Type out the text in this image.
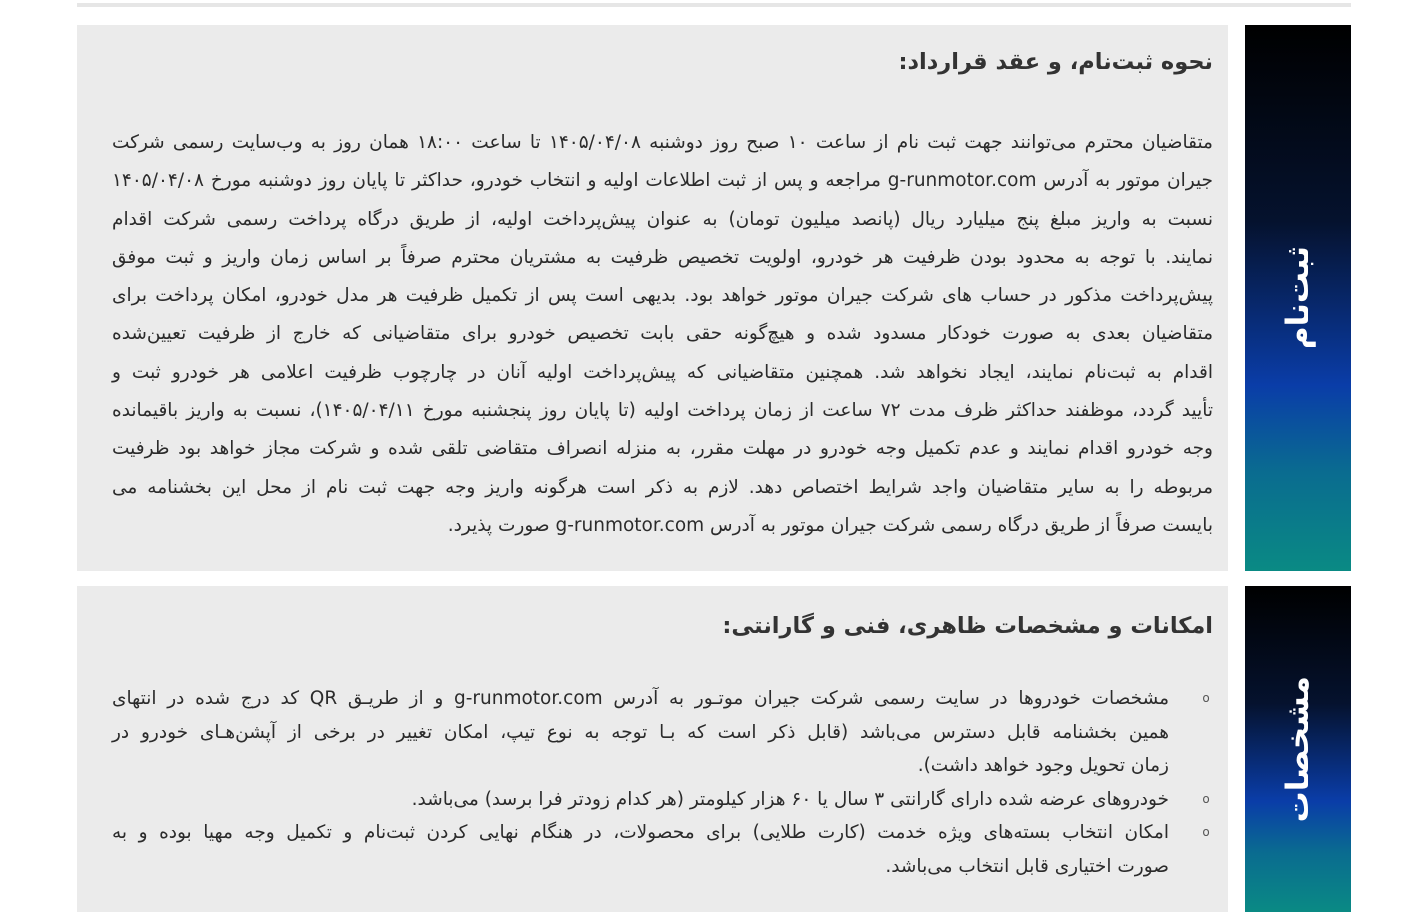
نحوه ثبت‌نام، و عقد قرارداد:

متقاضیان محترم می‌توانند جهت ثبت نام از ساعت ۱۰ صبح روز دوشنبه ۱۴۰۵/۰۴/۰۸ تا ساعت ۱۸:۰۰ همان روز به وب‌سایت رسمی شرکت
جیران موتور به آدرس g-runmotor.com مراجعه و پس از ثبت اطلاعات اولیه و انتخاب خودرو، حداکثر تا پایان روز دوشنبه مورخ ۱۴۰۵/۰۴/۰۸
نسبت به واریز مبلغ پنج میلیارد ریال (پانصد میلیون تومان) به عنوان پیش‌پرداخت اولیه، از طریق درگاه پرداخت رسمی شرکت اقدام
نمایند. با توجه به محدود بودن ظرفیت هر خودرو، اولویت تخصیص ظرفیت به مشتریان محترم صرفاً بر اساس زمان واریز و ثبت موفق
پیش‌پرداخت مذکور در حساب های شرکت جیران موتور خواهد بود. بدیهی است پس از تکمیل ظرفیت هر مدل خودرو، امکان پرداخت برای
متقاضیان بعدی به صورت خودکار مسدود شده و هیچ‌گونه حقی بابت تخصیص خودرو برای متقاضیانی که خارج از ظرفیت تعیین‌شده
اقدام به ثبت‌نام نمایند، ایجاد نخواهد شد. همچنین متقاضیانی که پیش‌پرداخت اولیه آنان در چارچوب ظرفیت اعلامی هر خودرو ثبت و
تأیید گردد، موظفند حداکثر ظرف مدت ۷۲ ساعت از زمان پرداخت اولیه (تا پایان روز پنجشنبه مورخ ۱۴۰۵/۰۴/۱۱)، نسبت به واریز باقیمانده
وجه خودرو اقدام نمایند و عدم تکمیل وجه خودرو در مهلت مقرر، به منزله انصراف متقاضی تلقی شده و شرکت مجاز خواهد بود ظرفیت
مربوطه را به سایر متقاضیان واجد شرایط اختصاص دهد. لازم به ذکر است هرگونه واریز وجه جهت ثبت نام از محل این بخشنامه می
بایست صرفاً از طریق درگاه رسمی شرکت جیران موتور به آدرس g-runmotor.com صورت پذیرد.

ثبت‌نام
امکانات و مشخصات ظاهری، فنی و گارانتی:
o
مشخصات خودروها در سایت رسمی شرکت جیران موتـور به آدرس g-runmotor.com و از طریـق QR کد درج شده در انتهای
همین بخشنامه قابل دسترس می‌باشد (قابل ذکر است که بـا توجه به نوع تیپ، امکان تغییر در برخی از آپشن‌هـای خودرو در
زمان تحویل وجود خواهد داشت).
o
خودروهای عرضه شده دارای گارانتی ۳ سال یا ۶۰ هزار کیلومتر (هر کدام زودتر فرا برسد) می‌باشد.
o
امکان انتخاب بسته‌های ویژه خدمت (کارت طلایی) برای محصولات، در هنگام نهایی کردن ثبت‌نام و تکمیل وجه مهیا بوده و به
صورت اختیاری قابل انتخاب می‌باشد.
مشخصات
